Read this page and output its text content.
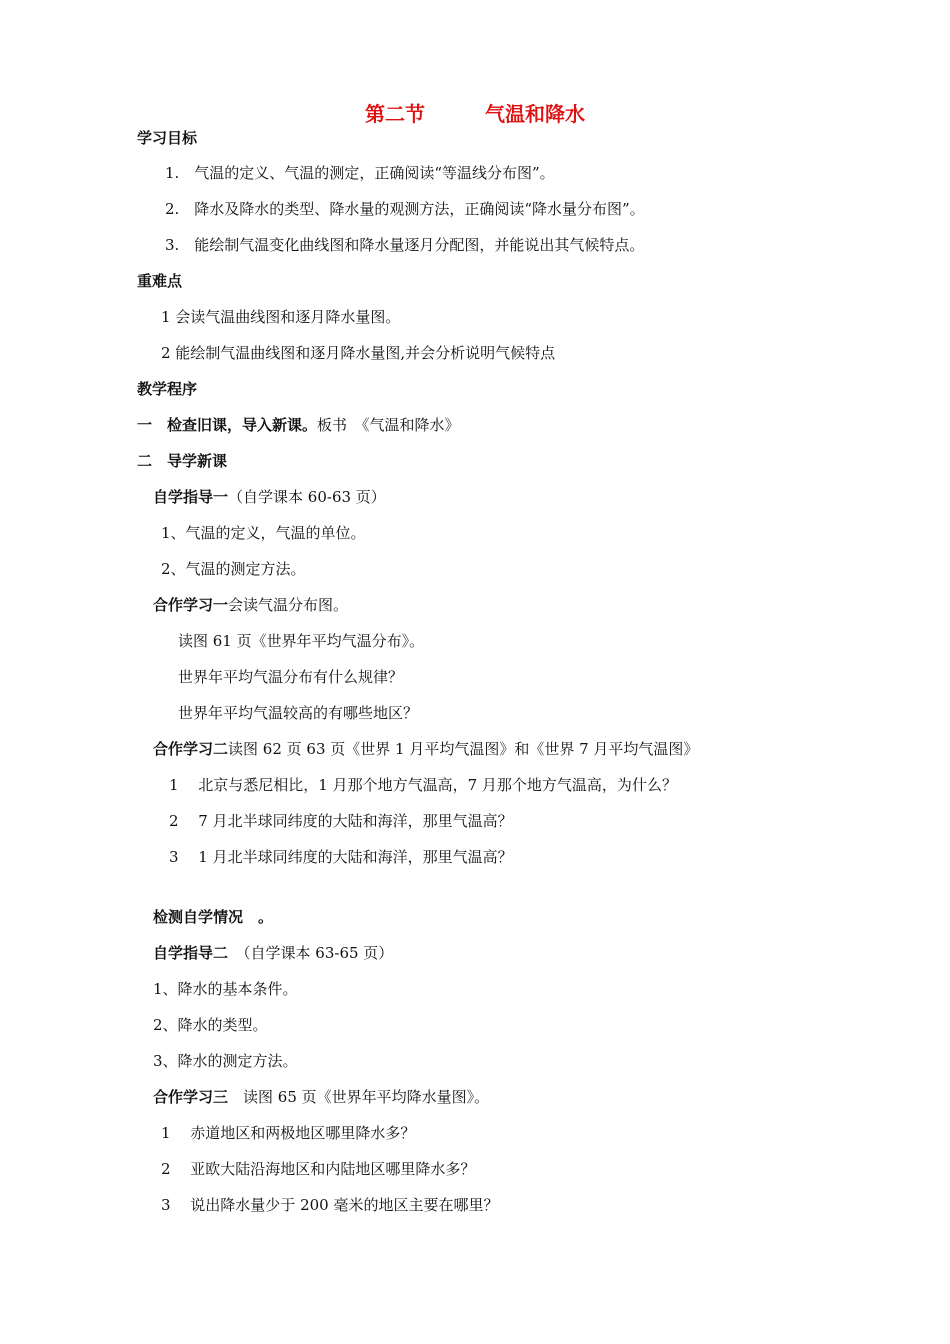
第二节	气温和降水
学习目标
1.　气温的定义、气温的测定，正确阅读“等温线分布图”。
2.　降水及降水的类型、降水量的观测方法，正确阅读“降水量分布图”。
3.　能绘制气温变化曲线图和降水量逐月分配图，并能说出其气候特点。
重难点
1 会读气温曲线图和逐月降水量图。
2 能绘制气温曲线图和逐月降水量图,并会分析说明气候特点
教学程序
一　检查旧课，导入新课。板书　《气温和降水》
二　导学新课
自学指导一（自学课本 60-63 页）
1、气温的定义，气温的单位。
2、气温的测定方法。
合作学习一会读气温分布图。
读图 61 页《世界年平均气温分布》。
世界年平均气温分布有什么规律？
世界年平均气温较高的有哪些地区？
合作学习二读图 62 页 63 页《世界 1 月平均气温图》和《世界 7 月平均气温图》
1　 北京与悉尼相比，1 月那个地方气温高，7 月那个地方气温高，为什么？
2　 7 月北半球同纬度的大陆和海洋，那里气温高？
3　 1 月北半球同纬度的大陆和海洋，那里气温高？
检测自学情况　。
自学指导二　（自学课本 63-65 页）
1、降水的基本条件。
2、降水的类型。
3、降水的测定方法。
合作学习三　读图 65 页《世界年平均降水量图》。
1　 赤道地区和两极地区哪里降水多？
2　 亚欧大陆沿海地区和内陆地区哪里降水多？
3　 说出降水量少于 200 毫米的地区主要在哪里？
